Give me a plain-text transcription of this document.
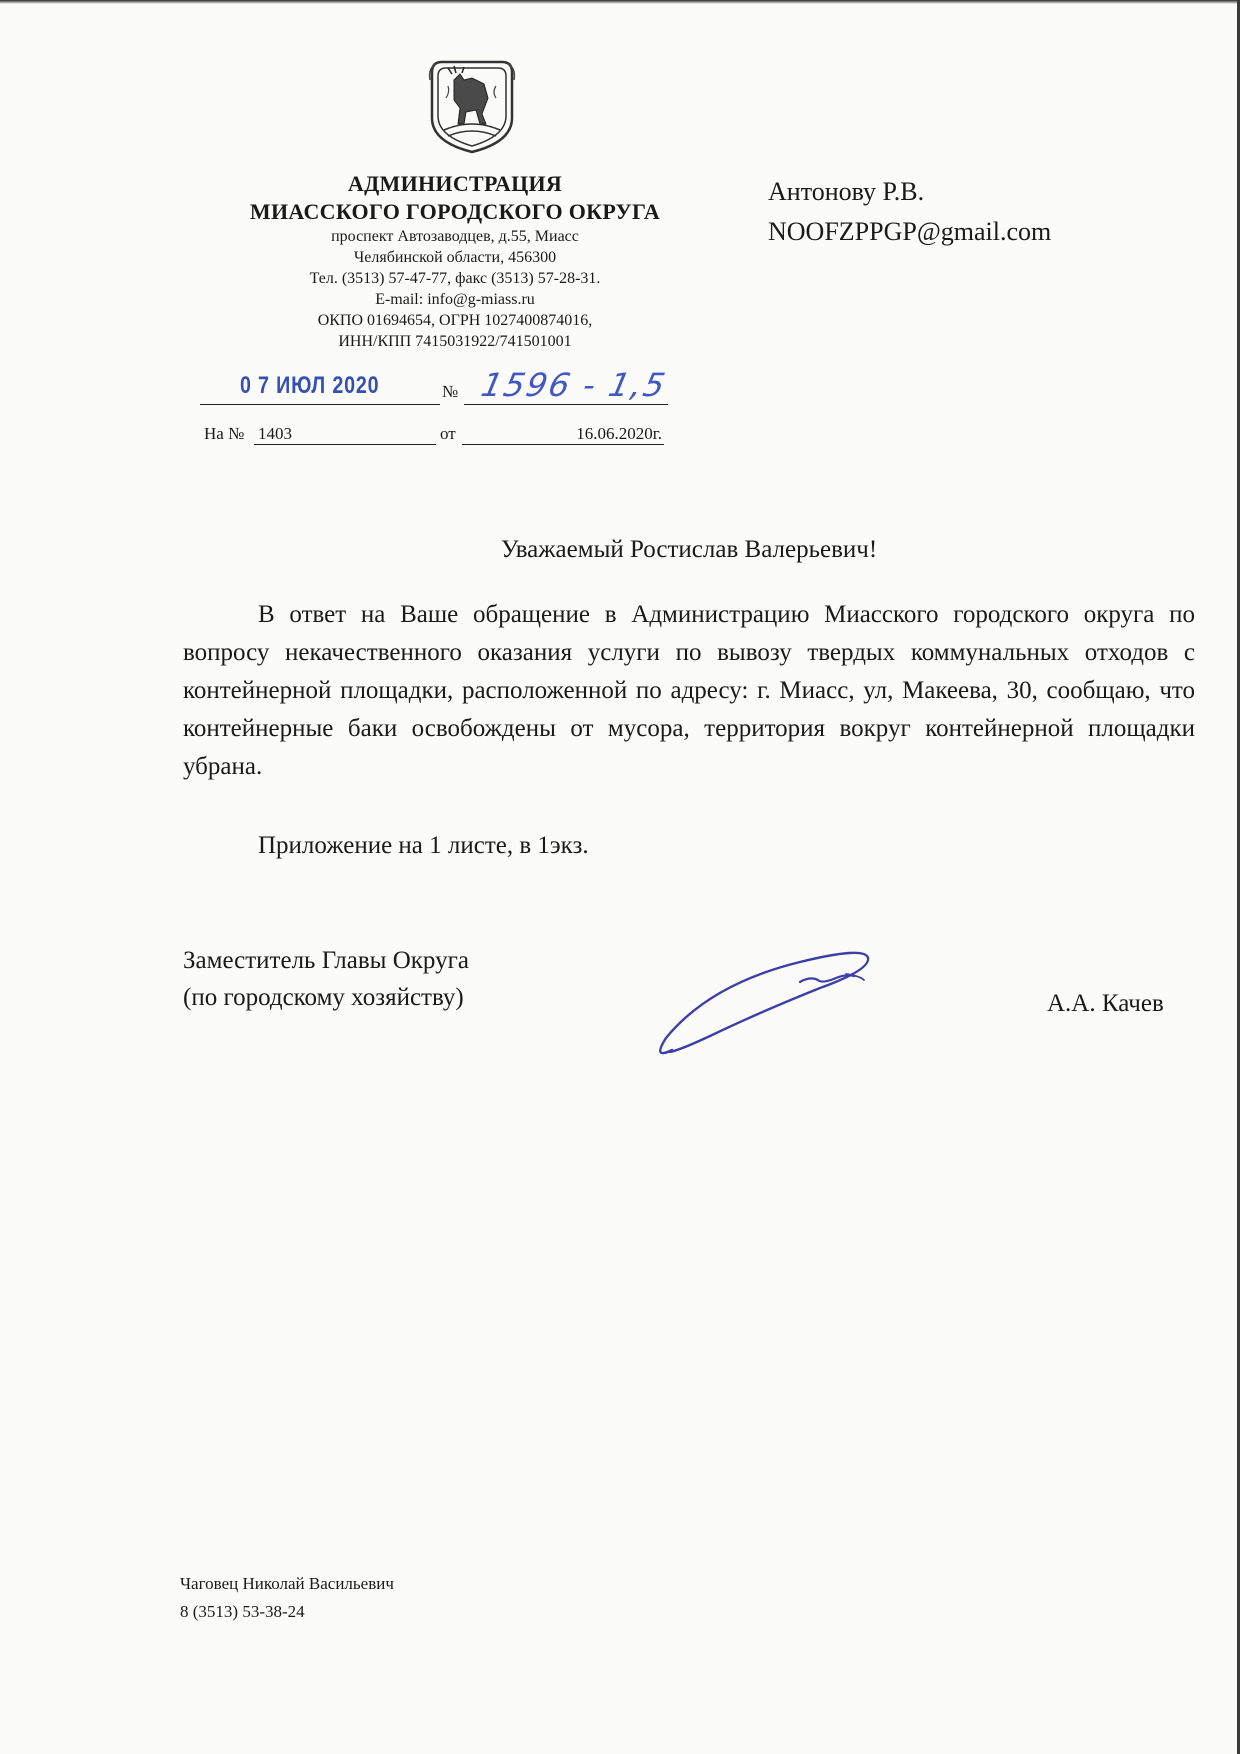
АДМИНИСТРАЦИЯ
МИАССКОГО ГОРОДСКОГО ОКРУГА
проспект Автозаводцев, д.55, Миасс
Челябинской области, 456300
Тел. (3513) 57-47-77, факс (3513) 57-28-31.
E-mail: info@g-miass.ru
ОКПО 01694654, ОГРН 1027400874016,
ИНН/КПП 7415031922/741501001
Антонову Р.В.
NOOFZPPGP@gmail.com
0 7 ИЮЛ 2020	№ 1596 - 1,5
На № 1403	от	16.06.2020г.
Уважаемый Ростислав Валерьевич!

В ответ на Ваше обращение в Администрацию Миасского городского округа по вопросу некачественного оказания услуги по вывозу твердых коммунальных отходов с контейнерной площадки, расположенной по адресу: г. Миасс, ул, Макеева, 30, сообщаю, что контейнерные баки освобождены от мусора, территория вокруг контейнерной площадки убрана.

Приложение на 1 листе, в 1экз.
Заместитель Главы Округа
(по городскому хозяйству)	А.А. Качев
Чаговец Николай Васильевич
8 (3513) 53-38-24
